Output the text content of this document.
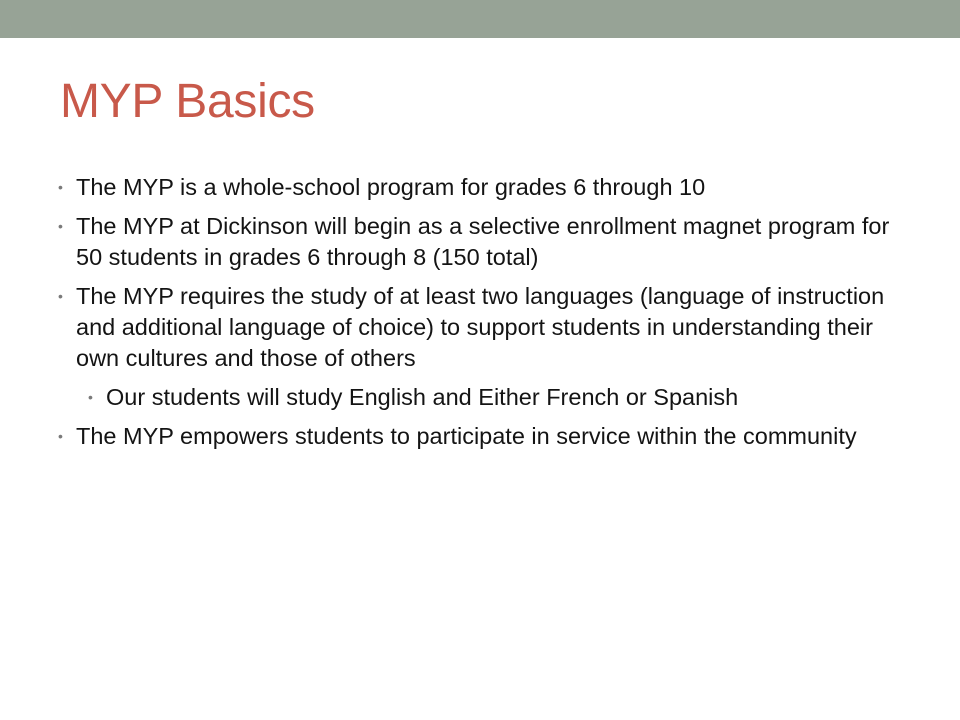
MYP Basics
• The MYP is a whole-school program for grades 6 through 10
• The MYP at Dickinson will begin as a selective enrollment magnet program for 50 students in grades 6 through 8 (150 total)
• The MYP requires the study of at least two languages (language of instruction and additional language of choice) to support students in understanding their own cultures and those of others
• Our students will study English and Either French or Spanish
• The MYP empowers students to participate in service within the community
